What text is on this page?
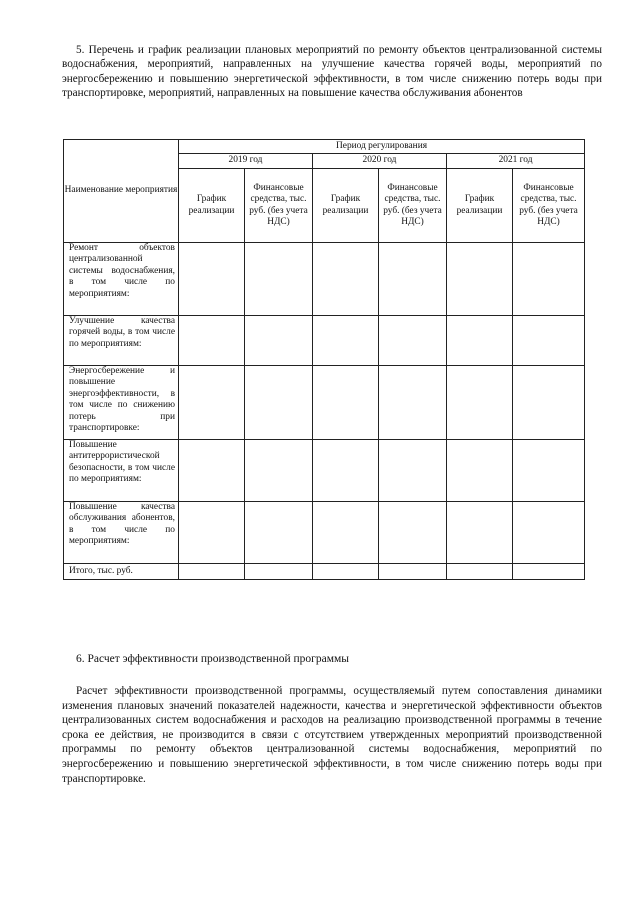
5. Перечень и график реализации плановых мероприятий по ремонту объектов централизованной системы водоснабжения, мероприятий, направленных на улучшение качества горячей воды, мероприятий по энергосбережению и повышению энергетической эффективности, в том числе снижению потерь воды при транспортировке, мероприятий, направленных на повышение качества обслуживания абонентов

Наименование мероприятия	Период регулирования					
	2019 год		2020 год		2021 год	
	График реализации	Финансовые средства, тыс. руб. (без учета НДС)	График реализации	Финансовые средства, тыс. руб. (без учета НДС)	График реализации	Финансовые средства, тыс. руб. (без учета НДС)
Ремонт объектов централизованной системы водоснабжения, в том числе по мероприятиям:						
Улучшение качества горячей воды, в том числе по мероприятиям:						
Энергосбережение и повышение энергоэффективности, в том числе по снижению потерь при транспортировке:						
Повышение антитеррористической безопасности, в том числе по мероприятиям:						
Повышение качества обслуживания абонентов, в том числе по мероприятиям:						
Итого, тыс. руб.						

6. Расчет эффективности производственной программы

Расчет эффективности производственной программы, осуществляемый путем сопоставления динамики изменения плановых значений показателей надежности, качества и энергетической эффективности объектов централизованных систем водоснабжения и расходов на реализацию производственной программы в течение срока ее действия, не производится в связи с отсутствием утвержденных мероприятий производственной программы по ремонту объектов централизованной системы водоснабжения, мероприятий по энергосбережению и повышению энергетической эффективности, в том числе снижению потерь воды при транспортировке.
